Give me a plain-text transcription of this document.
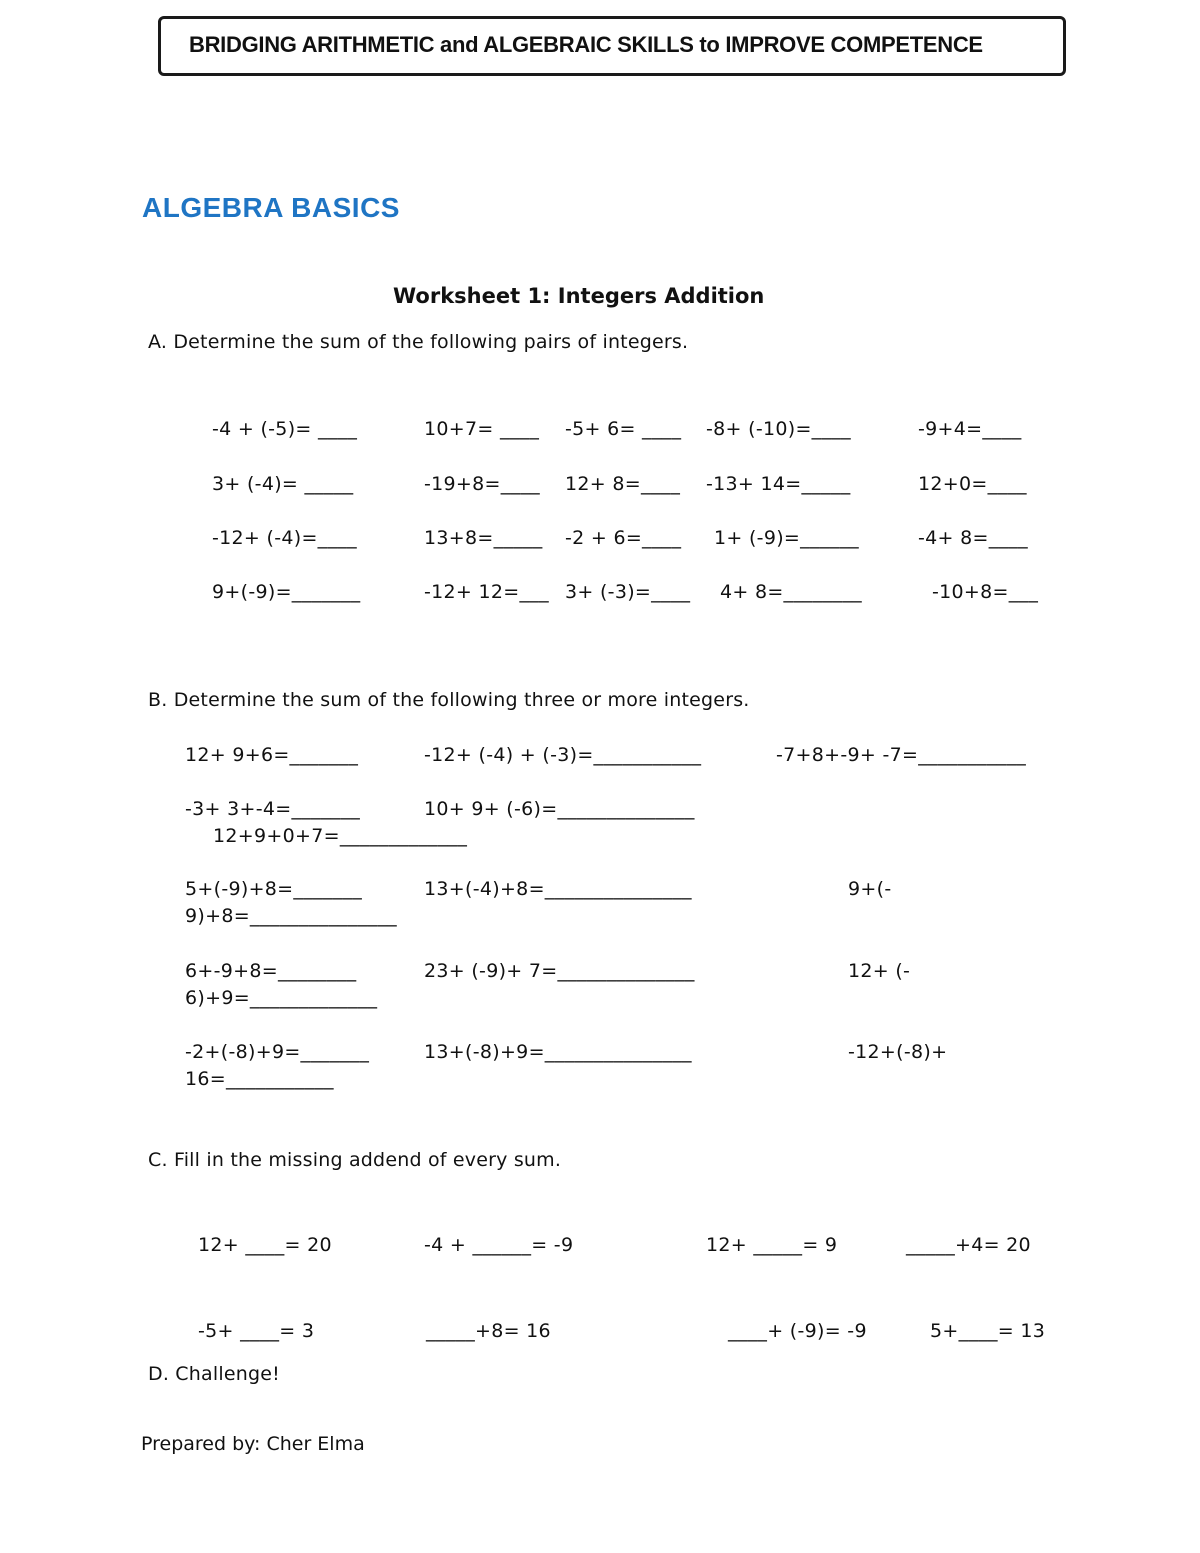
BRIDGING ARITHMETIC and ALGEBRAIC SKILLS to IMPROVE COMPETENCE
ALGEBRA BASICS
Worksheet 1: Integers Addition
A. Determine the sum of the following pairs of integers.
-4 + (-5)= ____	10+7= ____ -5+ 6= ____ -8+ (-10)=____	-9+4=____
3+ (-4)= _____	-19+8=____ 12+ 8=____ -13+ 14=_____	12+0=____
-12+ (-4)=____	13+8=_____ -2 + 6=____ 1+ (-9)=______	-4+ 8=____
9+(-9)=_______	-12+ 12=___ 3+ (-3)=____ 4+ 8=________	-10+8=___
B. Determine the sum of the following three or more integers.
12+ 9+6=_______	-12+ (-4) + (-3)=___________	-7+8+-9+ -7=___________
-3+ 3+-4=_______	10+ 9+ (-6)=______________
12+9+0+7=_____________
5+(-9)+8=_______	13+(-4)+8=_______________	9+(-
9)+8=_______________
6+-9+8=________	23+ (-9)+ 7=______________	12+ (-
6)+9=_____________
-2+(-8)+9=_______	13+(-8)+9=_______________	-12+(-8)+
16=___________
C. Fill in the missing addend of every sum.
12+ ____= 20	-4 + ______= -9	12+ _____= 9	_____+4= 20
-5+ ____= 3	_____+8= 16	____+ (-9)= -9	5+____= 13
D. Challenge!
Prepared by: Cher Elma
